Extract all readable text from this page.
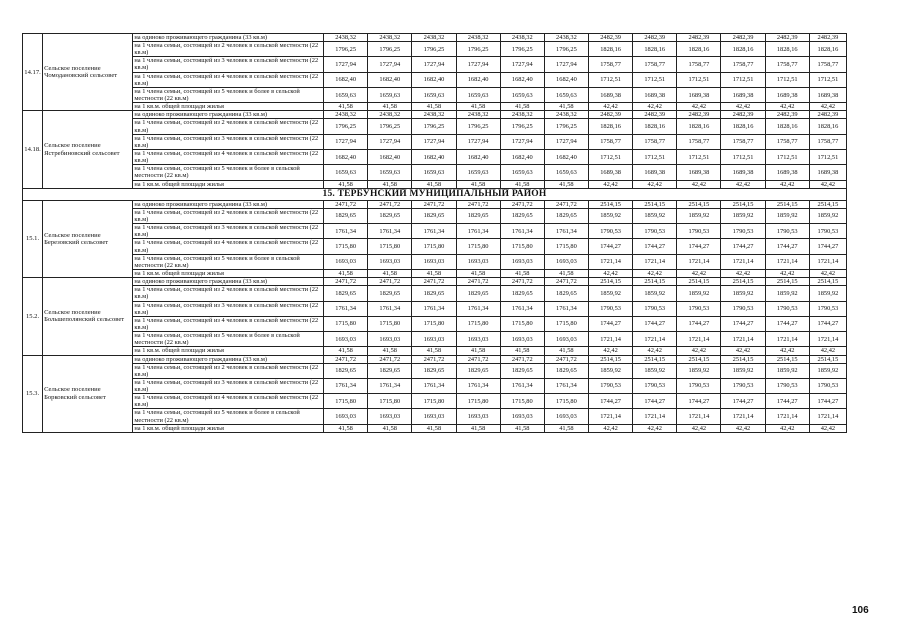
14.17.	Сельское поселение Чомодановский сельсовет	на одиноко проживающего гражданина (33 кв.м)	2438,32	2438,32	2438,32	2438,32	2438,32	2438,32	2482,39	2482,39	2482,39	2482,39	2482,39	2482,39
		на 1 члена семьи, состоящей из 2 человек в сельской местности (22 кв.м)	1796,25	1796,25	1796,25	1796,25	1796,25	1796,25	1828,16	1828,16	1828,16	1828,16	1828,16	1828,16
		на 1 члена семьи, состоящей из 3 человек в сельской местности (22 кв.м)	1727,94	1727,94	1727,94	1727,94	1727,94	1727,94	1758,77	1758,77	1758,77	1758,77	1758,77	1758,77
		на 1 члена семьи, состоящей из 4 человек в сельской местности (22 кв.м)	1682,40	1682,40	1682,40	1682,40	1682,40	1682,40	1712,51	1712,51	1712,51	1712,51	1712,51	1712,51
		на 1 члена семьи, состоящей из 5 человек и более в сельской местности (22 кв.м)	1659,63	1659,63	1659,63	1659,63	1659,63	1659,63	1689,38	1689,38	1689,38	1689,38	1689,38	1689,38
		на 1 кв.м. общей площади жилья	41,58	41,58	41,58	41,58	41,58	41,58	42,42	42,42	42,42	42,42	42,42	42,42
14.18.	Сельское поселение Ястребиновский сельсовет	на одиноко проживающего гражданина (33 кв.м)	2438,32	2438,32	2438,32	2438,32	2438,32	2438,32	2482,39	2482,39	2482,39	2482,39	2482,39	2482,39
		на 1 члена семьи, состоящей из 2 человек в сельской местности (22 кв.м)	1796,25	1796,25	1796,25	1796,25	1796,25	1796,25	1828,16	1828,16	1828,16	1828,16	1828,16	1828,16
		на 1 члена семьи, состоящей из 3 человек в сельской местности (22 кв.м)	1727,94	1727,94	1727,94	1727,94	1727,94	1727,94	1758,77	1758,77	1758,77	1758,77	1758,77	1758,77
		на 1 члена семьи, состоящей из 4 человек в сельской местности (22 кв.м)	1682,40	1682,40	1682,40	1682,40	1682,40	1682,40	1712,51	1712,51	1712,51	1712,51	1712,51	1712,51
		на 1 члена семьи, состоящей из 5 человек и более в сельской местности (22 кв.м)	1659,63	1659,63	1659,63	1659,63	1659,63	1659,63	1689,38	1689,38	1689,38	1689,38	1689,38	1689,38
		на 1 кв.м. общей площади жилья	41,58	41,58	41,58	41,58	41,58	41,58	42,42	42,42	42,42	42,42	42,42	42,42
15. ТЕРБУНСКИЙ МУНИЦИПАЛЬНЫЙ РАЙОН														
15.1.	Сельское поселение Березовский сельсовет	на одиноко проживающего гражданина (33 кв.м)	2471,72	2471,72	2471,72	2471,72	2471,72	2471,72	2514,15	2514,15	2514,15	2514,15	2514,15	2514,15
		на 1 члена семьи, состоящей из 2 человек в сельской местности (22 кв.м)	1829,65	1829,65	1829,65	1829,65	1829,65	1829,65	1859,92	1859,92	1859,92	1859,92	1859,92	1859,92
		на 1 члена семьи, состоящей из 3 человек в сельской местности (22 кв.м)	1761,34	1761,34	1761,34	1761,34	1761,34	1761,34	1790,53	1790,53	1790,53	1790,53	1790,53	1790,53
		на 1 члена семьи, состоящей из 4 человек в сельской местности (22 кв.м)	1715,80	1715,80	1715,80	1715,80	1715,80	1715,80	1744,27	1744,27	1744,27	1744,27	1744,27	1744,27
		на 1 члена семьи, состоящей из 5 человек и более в сельской местности (22 кв.м)	1693,03	1693,03	1693,03	1693,03	1693,03	1693,03	1721,14	1721,14	1721,14	1721,14	1721,14	1721,14
		на 1 кв.м. общей площади жилья	41,58	41,58	41,58	41,58	41,58	41,58	42,42	42,42	42,42	42,42	42,42	42,42
15.2.	Сельское поселение Большеполянский сельсовет	на одиноко проживающего гражданина (33 кв.м)	2471,72	2471,72	2471,72	2471,72	2471,72	2471,72	2514,15	2514,15	2514,15	2514,15	2514,15	2514,15
		на 1 члена семьи, состоящей из 2 человек в сельской местности (22 кв.м)	1829,65	1829,65	1829,65	1829,65	1829,65	1829,65	1859,92	1859,92	1859,92	1859,92	1859,92	1859,92
		на 1 члена семьи, состоящей из 3 человек в сельской местности (22 кв.м)	1761,34	1761,34	1761,34	1761,34	1761,34	1761,34	1790,53	1790,53	1790,53	1790,53	1790,53	1790,53
		на 1 члена семьи, состоящей из 4 человек в сельской местности (22 кв.м)	1715,80	1715,80	1715,80	1715,80	1715,80	1715,80	1744,27	1744,27	1744,27	1744,27	1744,27	1744,27
		на 1 члена семьи, состоящей из 5 человек и более в сельской местности (22 кв.м)	1693,03	1693,03	1693,03	1693,03	1693,03	1693,03	1721,14	1721,14	1721,14	1721,14	1721,14	1721,14
		на 1 кв.м. общей площади жилья	41,58	41,58	41,58	41,58	41,58	41,58	42,42	42,42	42,42	42,42	42,42	42,42
15.3.	Сельское поселение Борковский сельсовет	на одиноко проживающего гражданина (33 кв.м)	2471,72	2471,72	2471,72	2471,72	2471,72	2471,72	2514,15	2514,15	2514,15	2514,15	2514,15	2514,15
		на 1 члена семьи, состоящей из 2 человек в сельской местности (22 кв.м)	1829,65	1829,65	1829,65	1829,65	1829,65	1829,65	1859,92	1859,92	1859,92	1859,92	1859,92	1859,92
		на 1 члена семьи, состоящей из 3 человек в сельской местности (22 кв.м)	1761,34	1761,34	1761,34	1761,34	1761,34	1761,34	1790,53	1790,53	1790,53	1790,53	1790,53	1790,53
		на 1 члена семьи, состоящей из 4 человек в сельской местности (22 кв.м)	1715,80	1715,80	1715,80	1715,80	1715,80	1715,80	1744,27	1744,27	1744,27	1744,27	1744,27	1744,27
		на 1 члена семьи, состоящей из 5 человек и более в сельской местности (22 кв.м)	1693,03	1693,03	1693,03	1693,03	1693,03	1693,03	1721,14	1721,14	1721,14	1721,14	1721,14	1721,14
		на 1 кв.м. общей площади жилья	41,58	41,58	41,58	41,58	41,58	41,58	42,42	42,42	42,42	42,42	42,42	42,42
106
